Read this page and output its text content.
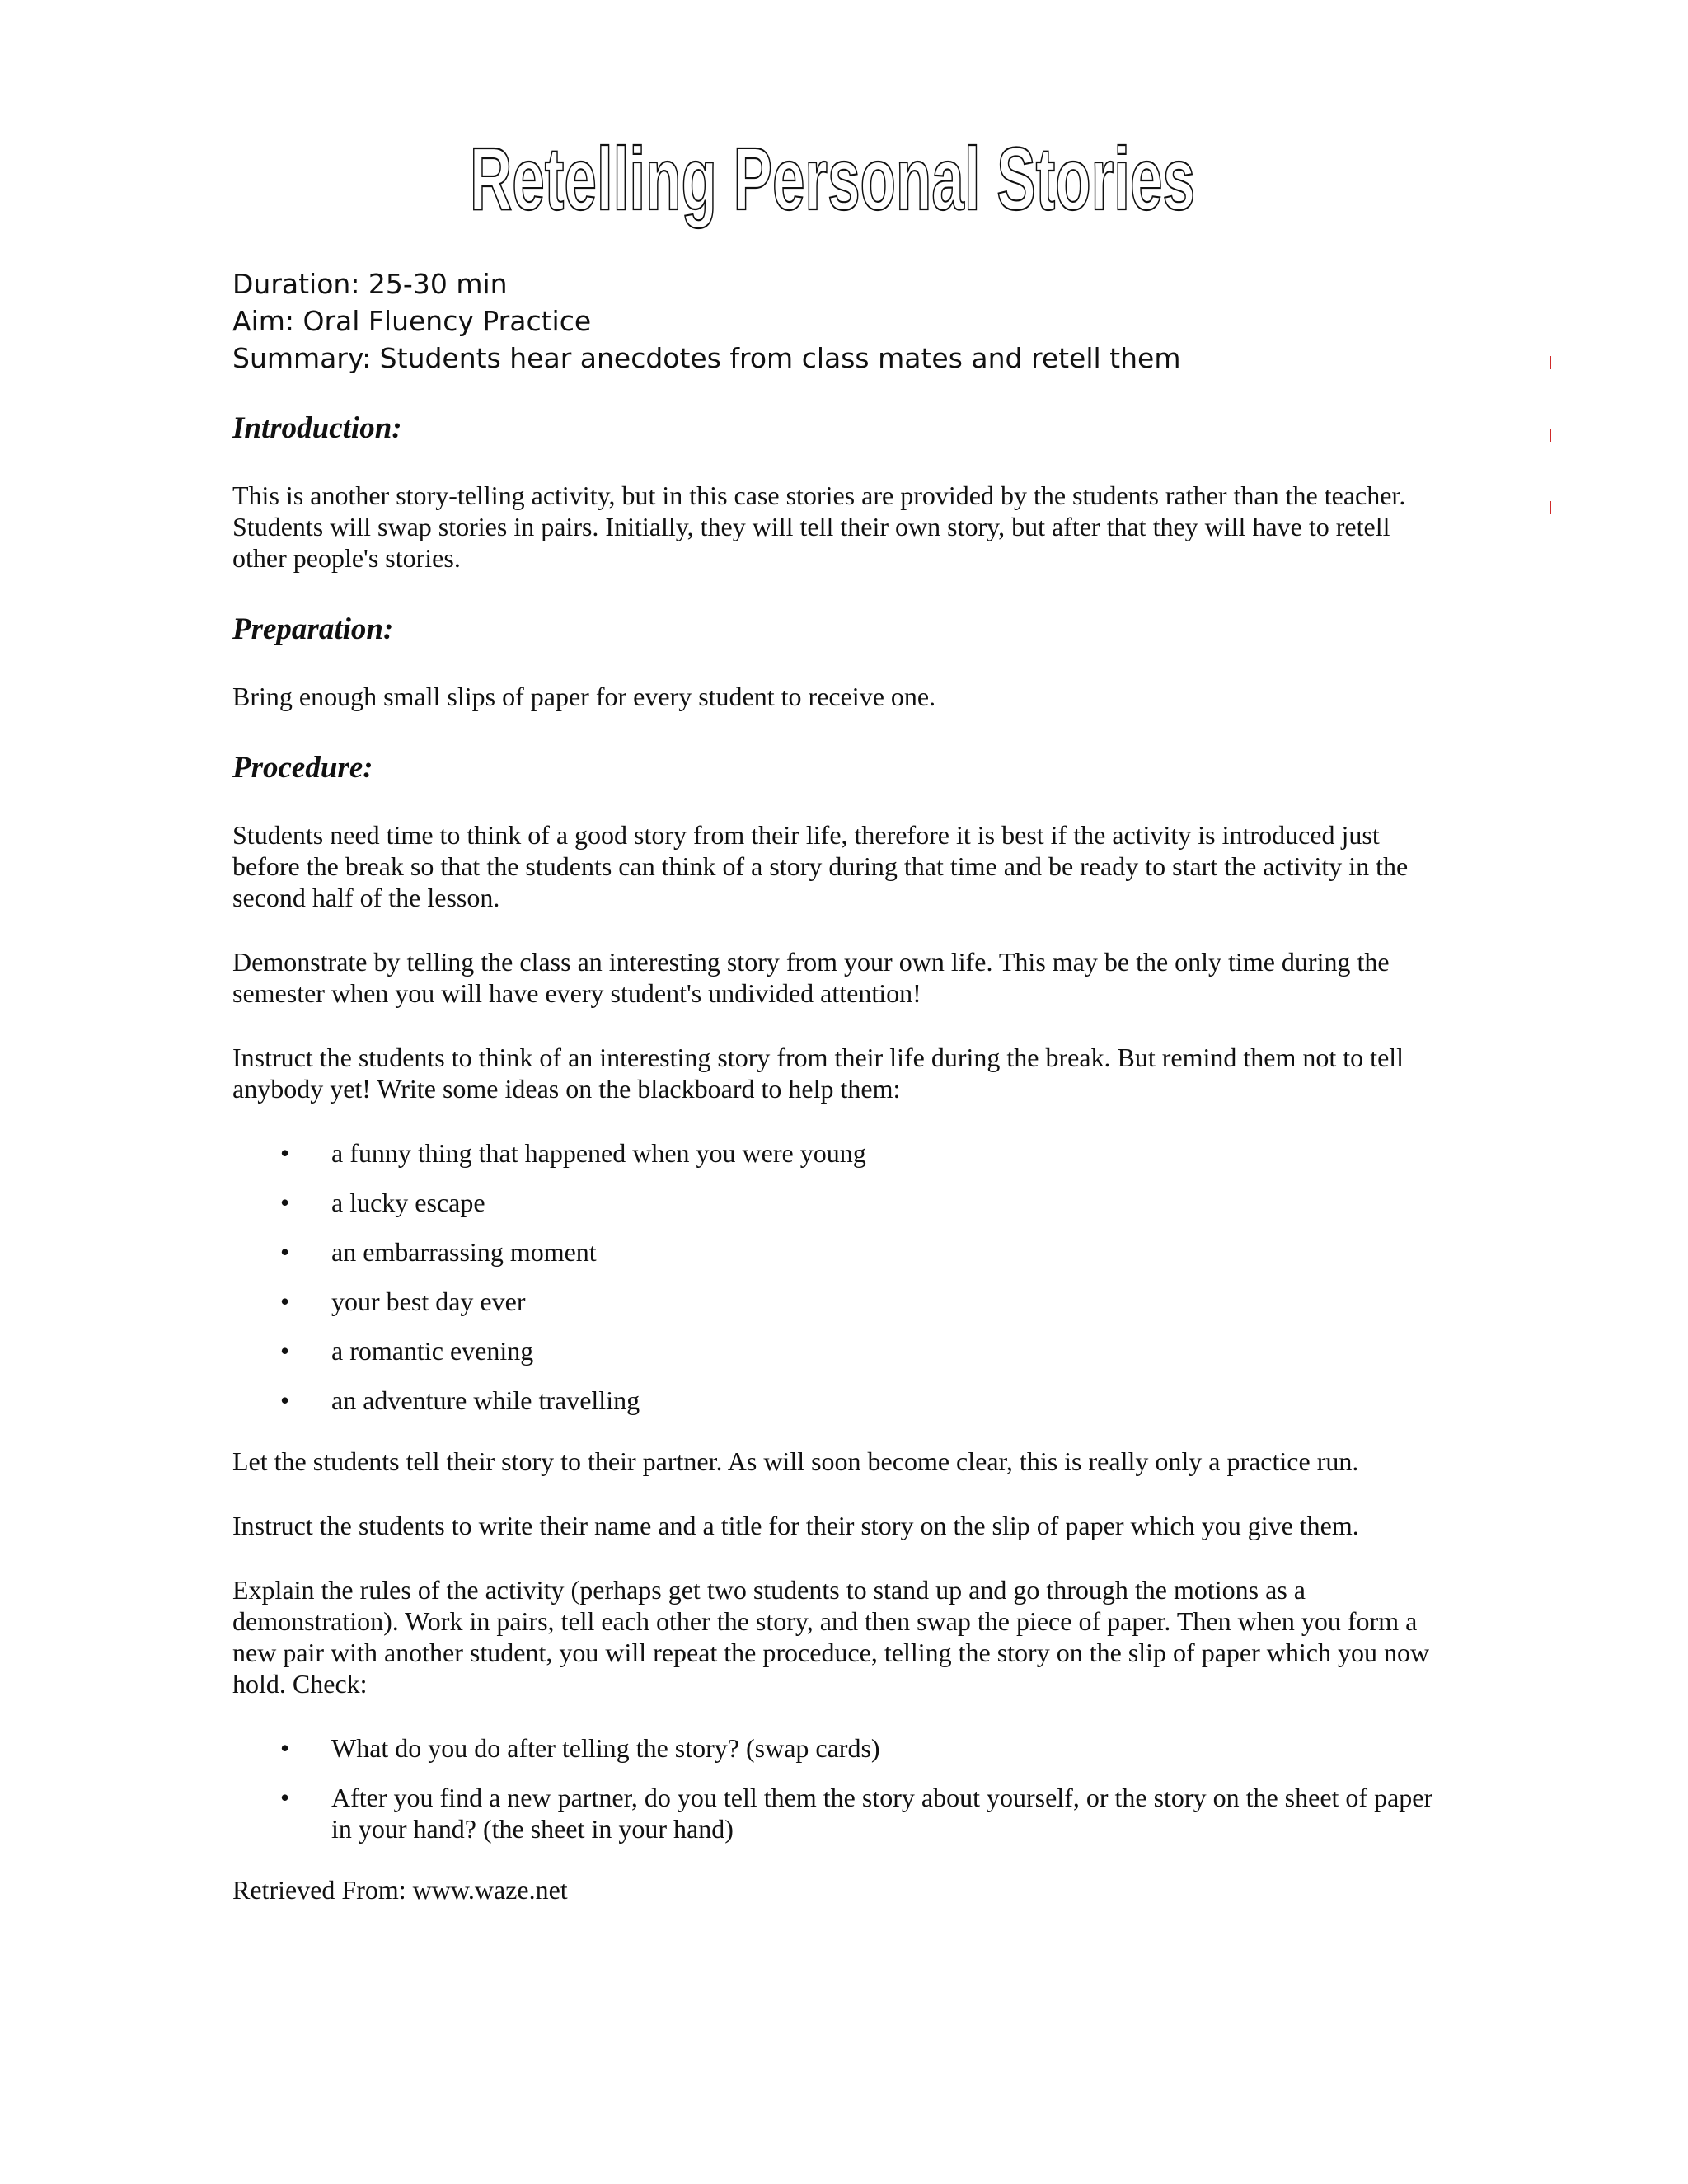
Retelling Personal Stories
Duration: 25-30 min
Aim: Oral Fluency Practice
Summary: Students hear anecdotes from class mates and retell them
Introduction:

This is another story-telling activity, but in this case stories are provided by the students rather than the teacher. Students will swap stories in pairs. Initially, they will tell their own story, but after that they will have to retell other people's stories.

Preparation:

Bring enough small slips of paper for every student to receive one.

Procedure:

Students need time to think of a good story from their life, therefore it is best if the activity is introduced just before the break so that the students can think of a story during that time and be ready to start the activity in the second half of the lesson.

Demonstrate by telling the class an interesting story from your own life. This may be the only time during the semester when you will have every student's undivided attention!

Instruct the students to think of an interesting story from their life during the break. But remind them not to tell anybody yet! Write some ideas on the blackboard to help them:

• a funny thing that happened when you were young
• a lucky escape
• an embarrassing moment
• your best day ever
• a romantic evening
• an adventure while travelling

Let the students tell their story to their partner. As will soon become clear, this is really only a practice run.

Instruct the students to write their name and a title for their story on the slip of paper which you give them.

Explain the rules of the activity (perhaps get two students to stand up and go through the motions as a demonstration). Work in pairs, tell each other the story, and then swap the piece of paper. Then when you form a new pair with another student, you will repeat the proceduce, telling the story on the slip of paper which you now hold. Check:

• What do you do after telling the story? (swap cards)
• After you find a new partner, do you tell them the story about yourself, or the story on the sheet of paper in your hand? (the sheet in your hand)

Retrieved From: www.waze.net
